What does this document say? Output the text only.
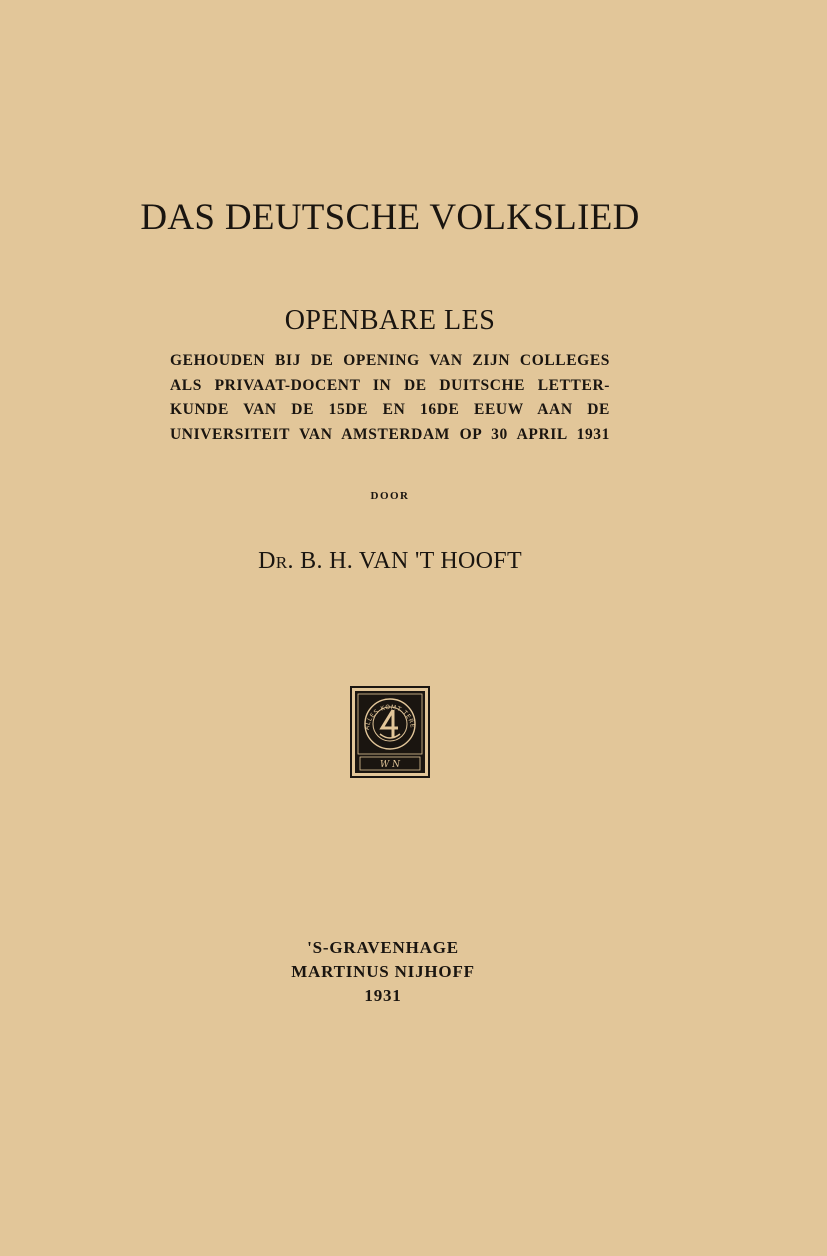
DAS DEUTSCHE VOLKSLIED
OPENBARE LES
GEHOUDEN BIJ DE OPENING VAN ZIJN COLLEGES
ALS PRIVAAT-DOCENT IN DE DUITSCHE LETTER-
KUNDE VAN DE 15DE EN 16DE EEUW AAN DE
UNIVERSITEIT VAN AMSTERDAM OP 30 APRIL 1931
DOOR
DR. B. H. VAN 'T HOOFT
ALLES KOMT TERE
W N
'S-GRAVENHAGE
MARTINUS NIJHOFF
1931
